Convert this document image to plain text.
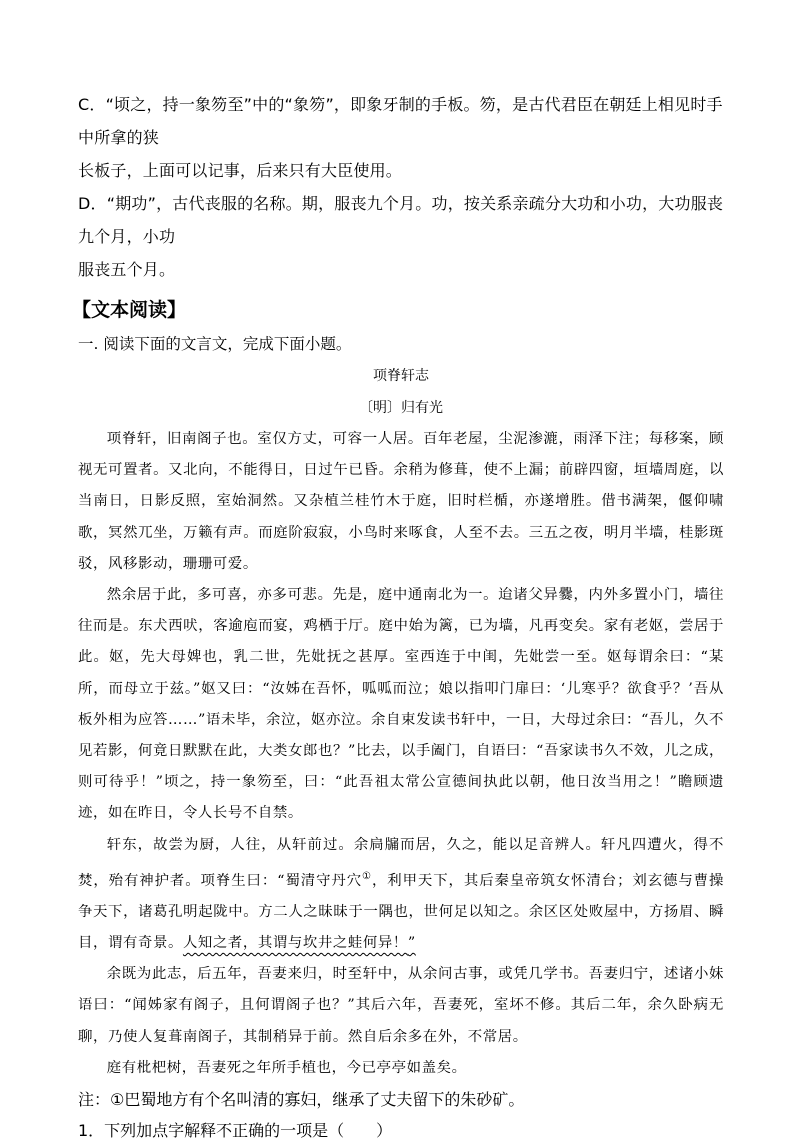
C．“顷之，持一象笏至”中的“象笏”，即象牙制的手板。笏，是古代君臣在朝廷上相见时手中所拿的狭

长板子，上面可以记事，后来只有大臣使用。

D．“期功”，古代丧服的名称。期，服丧九个月。功，按关系亲疏分大功和小功，大功服丧九个月，小功

服丧五个月。

【文本阅读】

一. 阅读下面的文言文，完成下面小题。

项脊轩志

〔明〕归有光

项脊轩，旧南阁子也。室仅方丈，可容一人居。百年老屋，尘泥渗漉，雨泽下注；每移案，顾视无可置者。又北向，不能得日，日过午已昏。余稍为修葺，使不上漏；前辟四窗，垣墙周庭，以当南日，日影反照，室始洞然。又杂植兰桂竹木于庭，旧时栏楯，亦遂增胜。借书满架，偃仰啸歌，冥然兀坐，万籁有声。而庭阶寂寂，小鸟时来啄食，人至不去。三五之夜，明月半墙，桂影斑驳，风移影动，珊珊可爱。

然余居于此，多可喜，亦多可悲。先是，庭中通南北为一。迨诸父异爨，内外多置小门，墙往往而是。东犬西吠，客逾庖而宴，鸡栖于厅。庭中始为篱，已为墙，凡再变矣。家有老妪，尝居于此。妪，先大母婢也，乳二世，先妣抚之甚厚。室西连于中闺，先妣尝一至。妪每谓余曰：“某所，而母立于兹。”妪又曰：“汝姊在吾怀，呱呱而泣；娘以指叩门扉曰：‘儿寒乎？欲食乎？’吾从板外相为应答……”语未毕，余泣，妪亦泣。余自束发读书轩中，一日，大母过余曰：“吾儿，久不见若影，何竟日默默在此，大类女郎也？”比去，以手阖门，自语曰：“吾家读书久不效，儿之成，则可待乎！”顷之，持一象笏至，曰：“此吾祖太常公宣德间执此以朝，他日汝当用之！”瞻顾遗迹，如在昨日，令人长号不自禁。

轩东，故尝为厨，人往，从轩前过。余扃牖而居，久之，能以足音辨人。轩凡四遭火，得不焚，殆有神护者。项脊生曰：“蜀清守丹穴①，利甲天下，其后秦皇帝筑女怀清台；刘玄德与曹操争天下，诸葛孔明起陇中。方二人之昧昧于一隅也，世何足以知之。余区区处败屋中，方扬眉、瞬目，谓有奇景。人知之者，其谓与坎井之蛙何异！”

余既为此志，后五年，吾妻来归，时至轩中，从余问古事，或凭几学书。吾妻归宁，述诸小妹语曰：“闻姊家有阁子，且何谓阁子也？”其后六年，吾妻死，室坏不修。其后二年，余久卧病无聊，乃使人复葺南阁子，其制稍异于前。然自后余多在外，不常居。

庭有枇杷树，吾妻死之年所手植也，今已亭亭如盖矣。

注：①巴蜀地方有个名叫清的寡妇，继承了丈夫留下的朱砂矿。

1．下列加点字解释不正确的一项是（　　）
